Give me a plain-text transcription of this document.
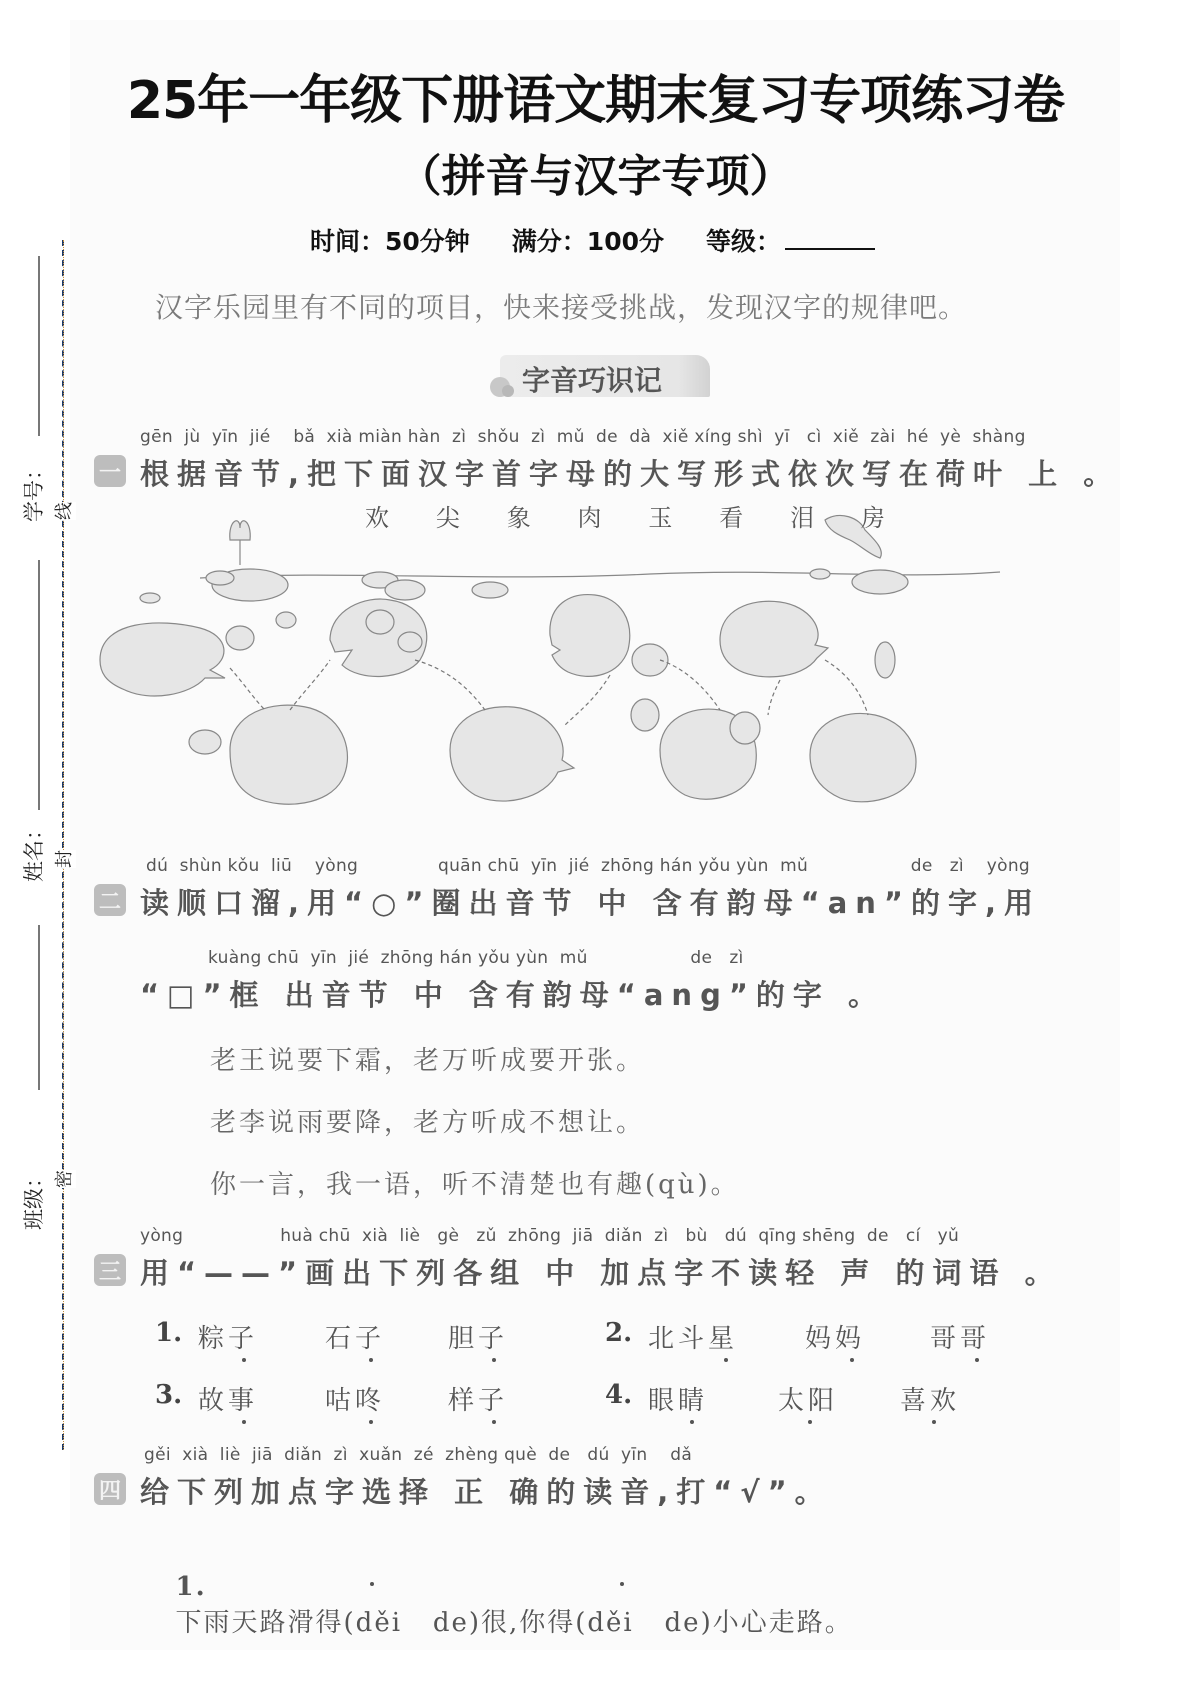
25年一年级下册语文期末复习专项练习卷
（拼音与汉字专项）
时间：50分钟 满分：100分 等级：
学号：
姓名：
班级：
线
封
密
汉字乐园里有不同的项目，快来接受挑战，发现汉字的规律吧。
字音巧识记
gēn  jù  yīn  jié    bǎ  xià miàn hàn  zì  shǒu  zì  mǔ  de  dà  xiě xíng shì  yī   cì  xiě  zài  hé  yè  shàng
一 根据音节,把下面汉字首字母的大写形式依次写在荷叶 上 。
欢 尖 象 肉 玉 看 泪 房
dú  shùn kǒu  liū    yòng              quān chū  yīn  jié  zhōng hán yǒu yùn  mǔ                  de   zì    yòng
二 读顺口溜,用“○”圈出音节 中 含有韵母“an”的字,用
kuàng chū  yīn  jié  zhōng hán yǒu yùn  mǔ                  de   zì
“□”框 出音节 中 含有韵母“ang”的字 。
老王说要下霜，老万听成要开张。
老李说雨要降，老方听成不想让。
你一言，我一语，听不清楚也有趣(qù)。
yòng                 huà chū  xià  liè   gè   zǔ  zhōng  jiā  diǎn  zì   bù   dú  qīng shēng  de   cí   yǔ
三 用“——”画出下列各组 中 加点字不读轻 声 的词语 。
1. 粽子	石子 胆子	2. 北斗星	妈妈 哥哥
3. 故事	咕咚 样子	4. 眼睛	太阳 喜欢
gěi  xià  liè  jiā  diǎn  zì  xuǎn  zé  zhèng què  de   dú  yīn    dǎ
四 给下列加点字选择 正 确的读音,打“√”。

1.
下雨天路滑得(děi   de)很,你得(děi   de)小心走路。
